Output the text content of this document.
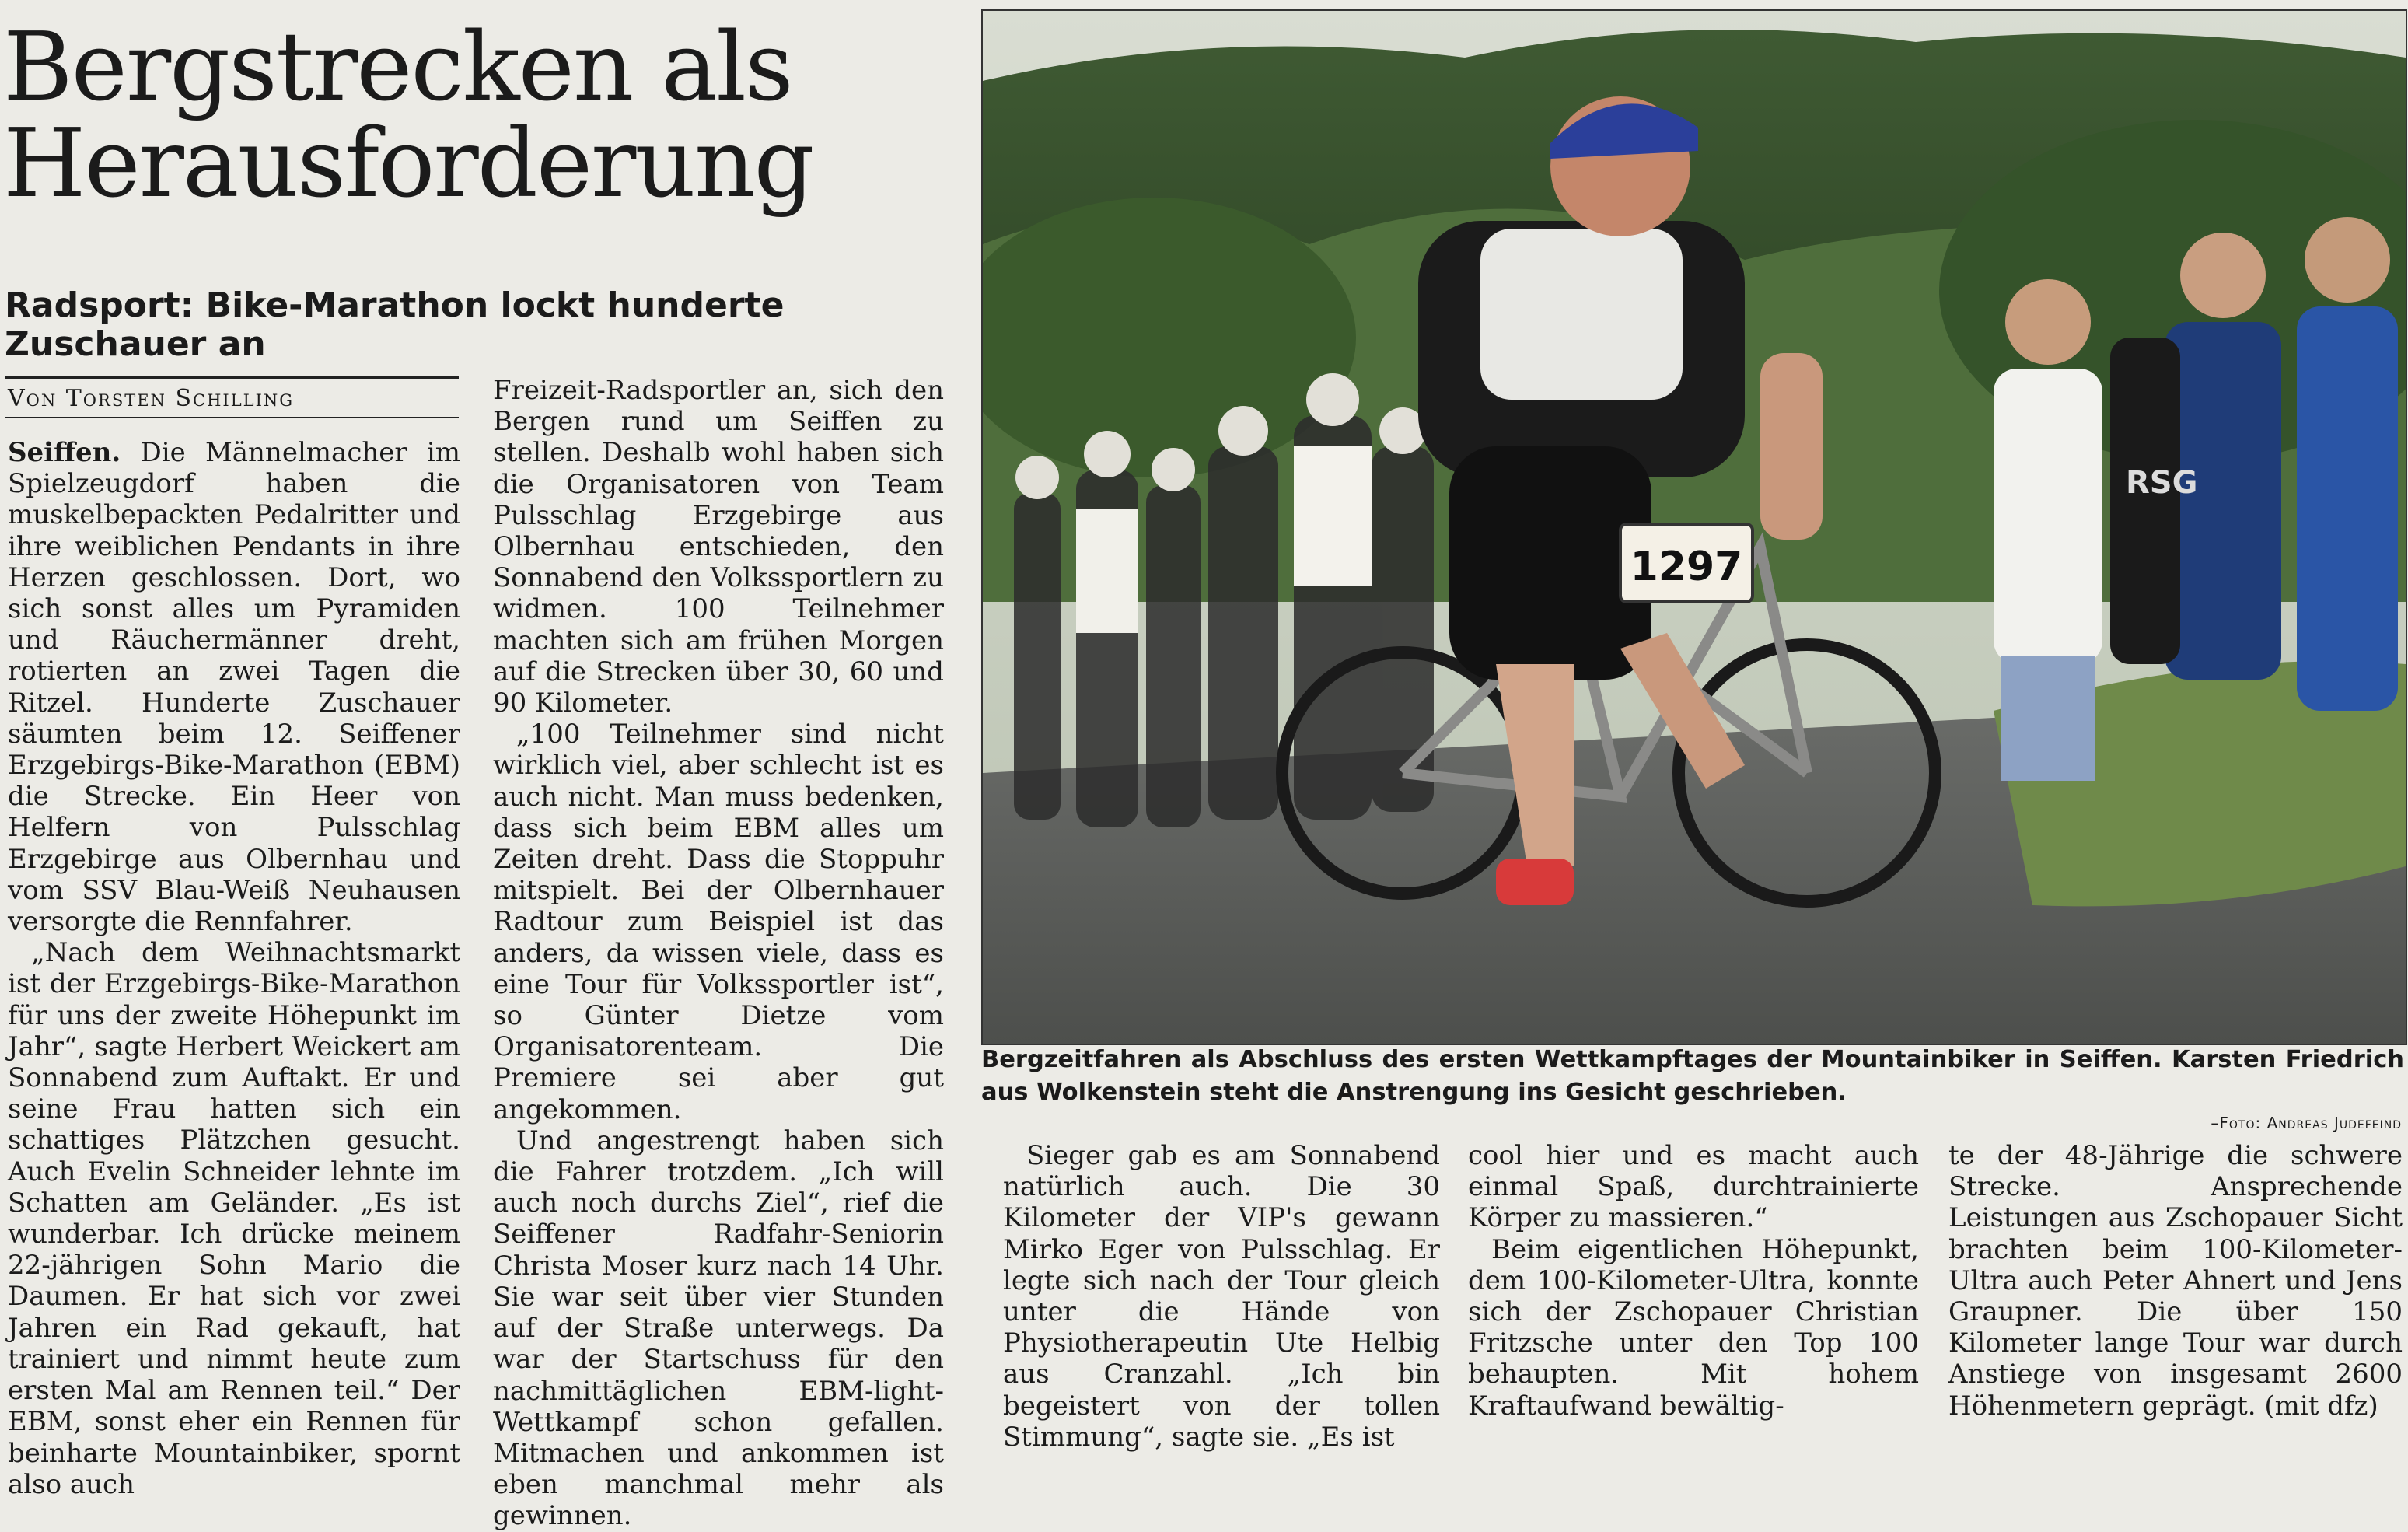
Bergstrecken als
Herausforderung
Radsport: Bike-Marathon lockt hunderte Zuschauer an
Von Torsten Schilling

Seiffen. Die Männelmacher im Spielzeugdorf haben die muskelbepackten Pedalritter und ihre weiblichen Pendants in ihre Herzen geschlossen. Dort, wo sich sonst alles um Pyramiden und Räuchermänner dreht, rotierten an zwei Tagen die Ritzel. Hunderte Zuschauer säumten beim 12. Seiffener Erzgebirgs-Bike-Marathon (EBM) die Strecke. Ein Heer von Helfern von Pulsschlag Erzgebirge aus Olbernhau und vom SSV Blau-Weiß Neuhausen versorgte die Rennfahrer.

„Nach dem Weihnachtsmarkt ist der Erzgebirgs-Bike-Marathon für uns der zweite Höhepunkt im Jahr“, sagte Herbert Weickert am Sonnabend zum Auftakt. Er und seine Frau hatten sich ein schattiges Plätzchen gesucht. Auch Evelin Schneider lehnte im Schatten am Geländer. „Es ist wunderbar. Ich drücke meinem 22-jährigen Sohn Mario die Daumen. Er hat sich vor zwei Jahren ein Rad gekauft, hat trainiert und nimmt heute zum ersten Mal am Rennen teil.“ Der EBM, sonst eher ein Rennen für beinharte Mountainbiker, spornt also auch

Freizeit-Radsportler an, sich den Bergen rund um Seiffen zu stellen. Deshalb wohl haben sich die Organisatoren von Team Pulsschlag Erzgebirge aus Olbernhau entschieden, den Sonnabend den Volkssportlern zu widmen. 100 Teilnehmer machten sich am frühen Morgen auf die Strecken über 30, 60 und 90 Kilometer.

„100 Teilnehmer sind nicht wirklich viel, aber schlecht ist es auch nicht. Man muss bedenken, dass sich beim EBM alles um Zeiten dreht. Dass die Stoppuhr mitspielt. Bei der Olbernhauer Radtour zum Beispiel ist das anders, da wissen viele, dass es eine Tour für Volkssportler ist“, so Günter Dietze vom Organisatorenteam. Die Premiere sei aber gut angekommen.

Und angestrengt haben sich die Fahrer trotzdem. „Ich will auch noch durchs Ziel“, rief die Seiffener Radfahr-Seniorin Christa Moser kurz nach 14 Uhr. Sie war seit über vier Stunden auf der Straße unterwegs. Da war der Startschuss für den nachmittäglichen EBM-light-Wettkampf schon gefallen. Mitmachen und ankommen ist eben manchmal mehr als gewinnen.

RSG
1297

Bergzeitfahren als Abschluss des ersten Wettkampftages der Mountainbiker in Seiffen. Karsten Friedrich aus Wolkenstein steht die Anstrengung ins Gesicht geschrieben.

–Foto: Andreas Judefeind

Sieger gab es am Sonnabend natürlich auch. Die 30 Kilometer der VIP's gewann Mirko Eger von Pulsschlag. Er legte sich nach der Tour gleich unter die Hände von Physiotherapeutin Ute Helbig aus Cranzahl. „Ich bin begeistert von der tollen Stimmung“, sagte sie. „Es ist

cool hier und es macht auch einmal Spaß, durchtrainierte Körper zu massieren.“

Beim eigentlichen Höhepunkt, dem 100-Kilometer-Ultra, konnte sich der Zschopauer Christian Fritzsche unter den Top 100 behaupten. Mit hohem Kraftaufwand bewältig-

te der 48-Jährige die schwere Strecke. Ansprechende Leistungen aus Zschopauer Sicht brachten beim 100-Kilometer-Ultra auch Peter Ahnert und Jens Graupner. Die über 150 Kilometer lange Tour war durch Anstiege von insgesamt 2600 Höhenmetern geprägt. (mit dfz)
